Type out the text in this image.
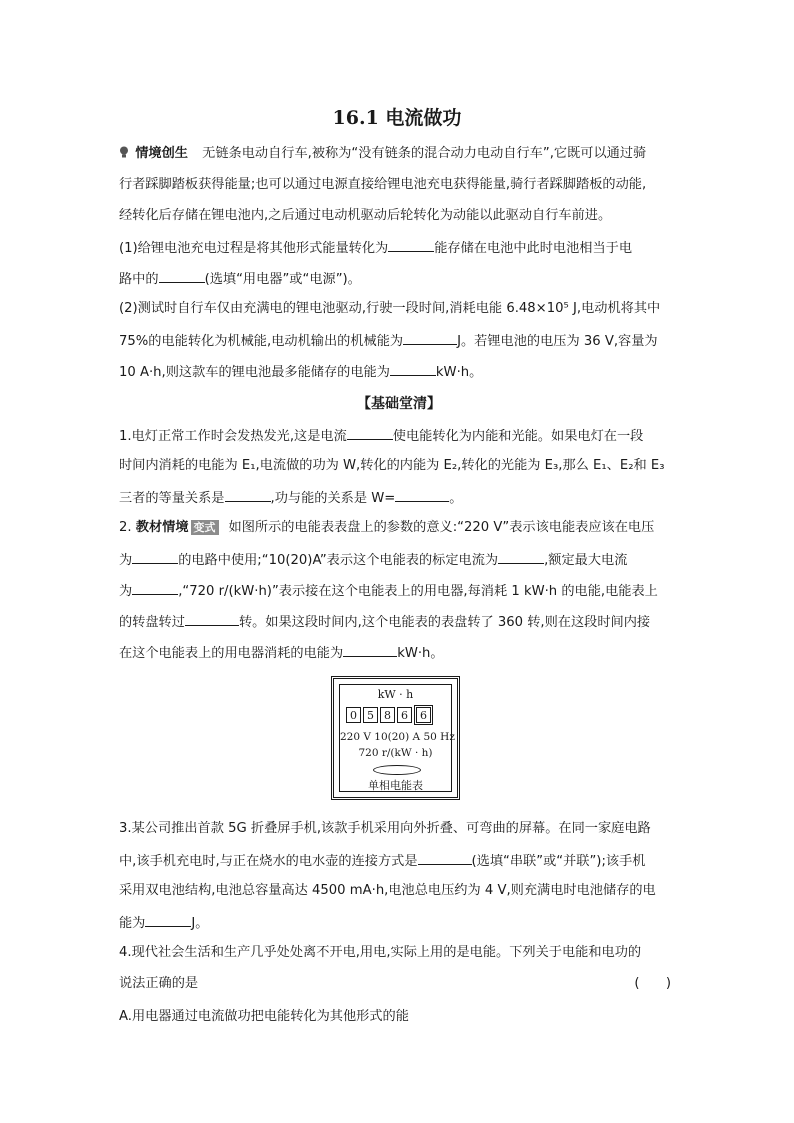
16.1 电流做功
情境创生 无链条电动自行车,被称为“没有链条的混合动力电动自行车”,它既可以通过骑
行者踩脚踏板获得能量;也可以通过电源直接给锂电池充电获得能量,骑行者踩脚踏板的动能,
经转化后存储在锂电池内,之后通过电动机驱动后轮转化为动能以此驱动自行车前进。
(1)给锂电池充电过程是将其他形式能量转化为	能存储在电池中此时电池相当于电
路中的	(选填“用电器”或“电源”)。
(2)测试时自行车仅由充满电的锂电池驱动,行驶一段时间,消耗电能 6.48×10⁵ J,电动机将其中
75%的电能转化为机械能,电动机输出的机械能为	J。若锂电池的电压为 36 V,容量为
10 A·h,则这款车的锂电池最多能储存的电能为	kW·h。
【基础堂清】
1.电灯正常工作时会发热发光,这是电流	使电能转化为内能和光能。如果电灯在一段
时间内消耗的电能为 E₁,电流做的功为 W,转化的内能为 E₂,转化的光能为 E₃,那么 E₁、E₂和 E₃
三者的等量关系是	,功与能的关系是 W=	。
2. 教材情境 变式 如图所示的电能表表盘上的参数的意义:“220 V”表示该电能表应该在电压
为	的电路中使用;“10(20)A”表示这个电能表的标定电流为	,额定最大电流
为	,“720 r/(kW·h)”表示接在这个电能表上的用电器,每消耗 1 kW·h 的电能,电能表上
的转盘转过	转。如果这段时间内,这个电能表的表盘转了 360 转,则在这段时间内接
在这个电能表上的用电器消耗的电能为	kW·h。
3.某公司推出首款 5G 折叠屏手机,该款手机采用向外折叠、可弯曲的屏幕。在同一家庭电路
中,该手机充电时,与正在烧水的电水壶的连接方式是	(选填“串联”或“并联”);该手机
采用双电池结构,电池总容量高达 4500 mA·h,电池总电压约为 4 V,则充满电时电池储存的电
能为	J。
4.现代社会生活和生产几乎处处离不开电,用电,实际上用的是电能。下列关于电能和电功的
说法正确的是	(　　)
A.用电器通过电流做功把电能转化为其他形式的能
kW · h
0 5 8 6	6
220 V 10(20) A 50 Hz
720 r/(kW · h)
单相电能表
